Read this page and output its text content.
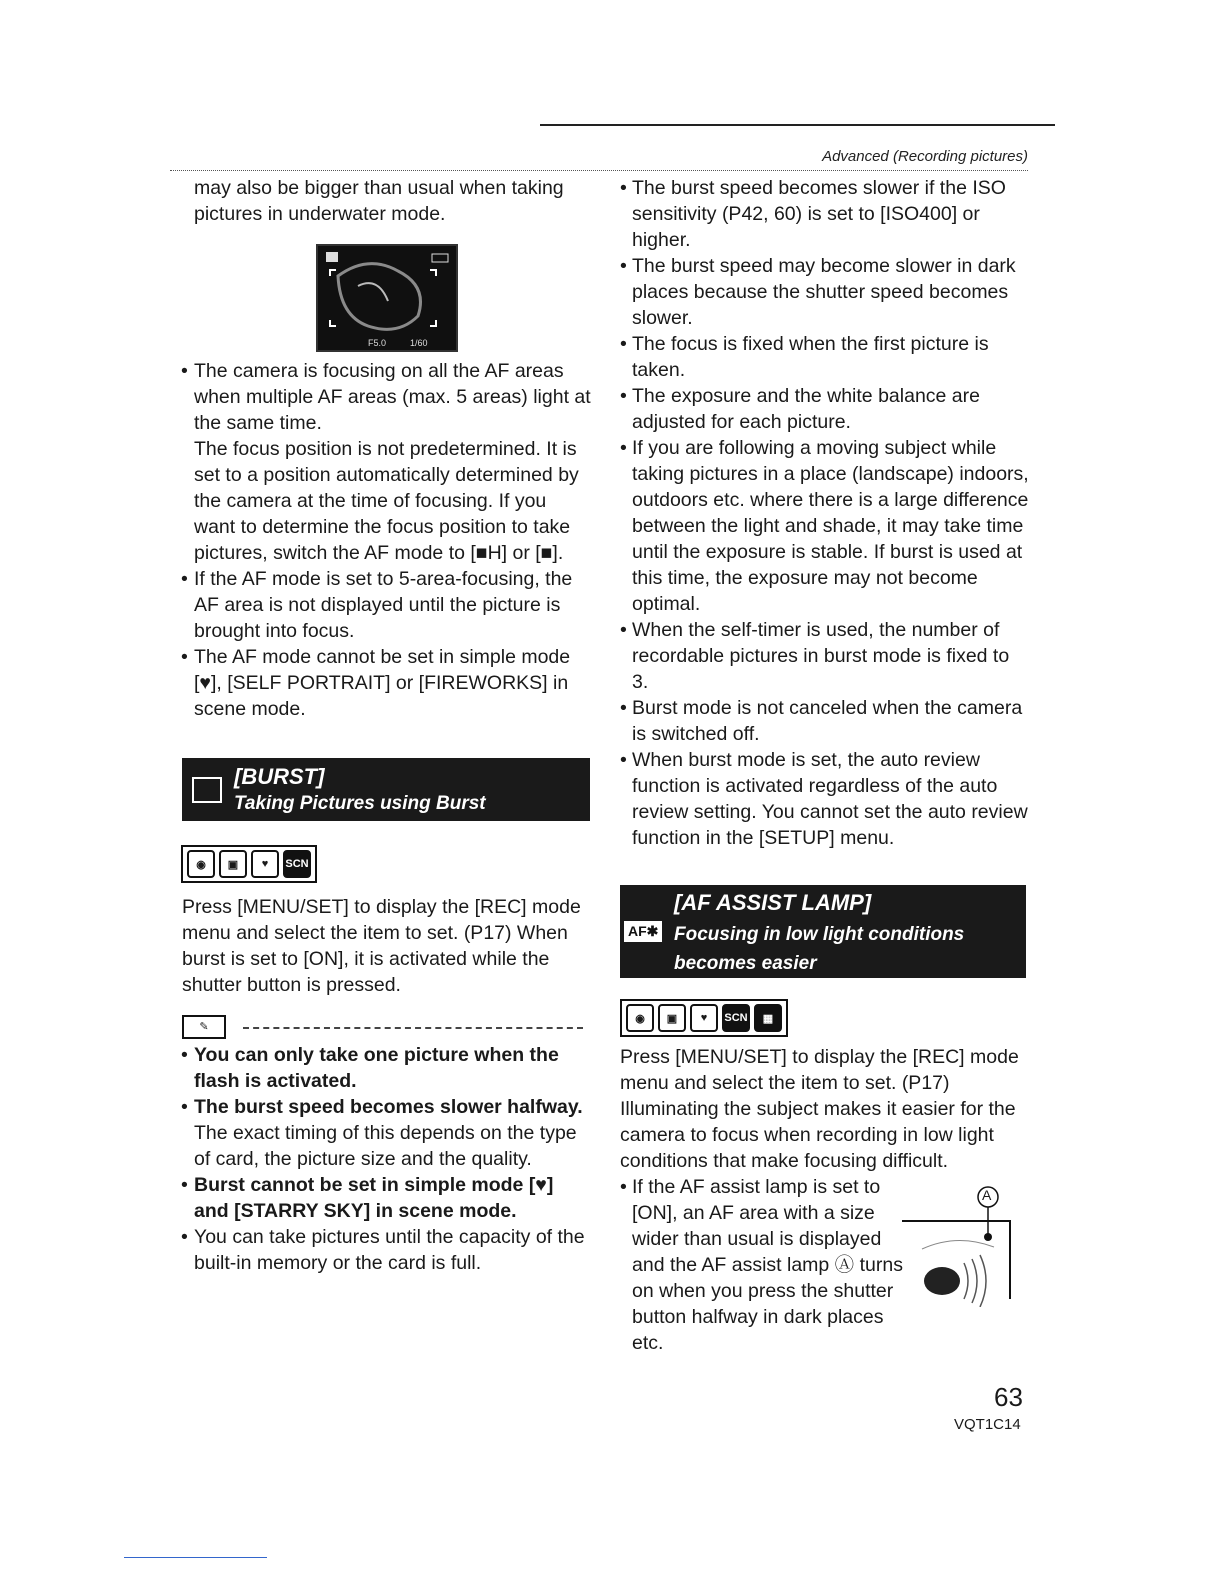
Advanced (Recording pictures)

may also be bigger than usual when taking pictures in underwater mode.

F5.0	1/60

• The camera is focusing on all the AF areas when multiple AF areas (max. 5 areas) light at the same time.

The focus position is not predetermined. It is set to a position automatically determined by the camera at the time of focusing. If you want to determine the focus position to take pictures, switch the AF mode to [■H] or [■].

• If the AF mode is set to 5-area-focusing, the AF area is not displayed until the picture is brought into focus.

• The AF mode cannot be set in simple mode [♥], [SELF PORTRAIT] or [FIREWORKS] in scene mode.

[BURST]
Taking Pictures using Burst
◉	▣	♥	SCN

Press [MENU/SET] to display the [REC] mode menu and select the item to set. (P17) When burst is set to [ON], it is activated while the shutter button is pressed.

✎

• You can only take one picture when the flash is activated.

• The burst speed becomes slower halfway. The exact timing of this depends on the type of card, the picture size and the quality.

• Burst cannot be set in simple mode [♥] and [STARRY SKY] in scene mode.

• You can take pictures until the capacity of the built-in memory or the card is full.

• The burst speed becomes slower if the ISO sensitivity (P42, 60) is set to [ISO400] or higher.

• The burst speed may become slower in dark places because the shutter speed becomes slower.

• The focus is fixed when the first picture is taken.

• The exposure and the white balance are adjusted for each picture.

• If you are following a moving subject while taking pictures in a place (landscape) indoors, outdoors etc. where there is a large difference between the light and shade, it may take time until the exposure is stable. If burst is used at this time, the exposure may not become optimal.

• When the self-timer is used, the number of recordable pictures in burst mode is fixed to 3.

• Burst mode is not canceled when the camera is switched off.

• When burst mode is set, the auto review function is activated regardless of the auto review setting. You cannot set the auto review function in the [SETUP] menu.

AF✱
[AF ASSIST LAMP]
Focusing in low light conditions becomes easier
◉	▣	♥	SCN	▦

Press [MENU/SET] to display the [REC] mode menu and select the item to set. (P17) Illuminating the subject makes it easier for the camera to focus when recording in low light conditions that make focusing difficult.

• If the AF assist lamp is set to [ON], an AF area with a size wider than usual is displayed and the AF assist lamp Ⓐ turns on when you press the shutter button halfway in dark places etc.

A
63
VQT1C14
